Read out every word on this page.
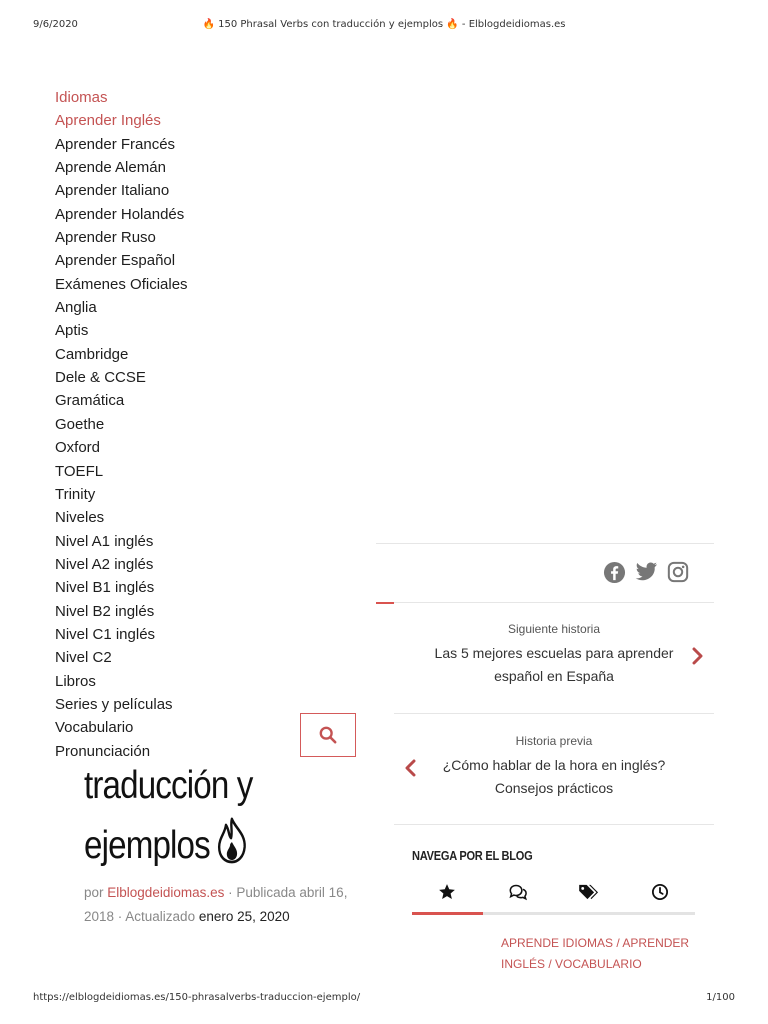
9/6/2020	🔥 150 Phrasal Verbs con traducción y ejemplos 🔥 - Elblogdeidiomas.es
Idiomas
Aprender Inglés
Aprender Francés
Aprende Alemán
Aprender Italiano
Aprender Holandés
Aprender Ruso
Aprender Español
Exámenes Oficiales
Anglia
Aptis
Cambridge
Dele & CCSE
Gramática
Goethe
Oxford
TOEFL
Trinity
Niveles
Nivel A1 inglés
Nivel A2 inglés
Nivel B1 inglés
Nivel B2 inglés
Nivel C1 inglés
Nivel C2
Libros
Series y películas
Vocabulario
Pronunciación
traducción y
ejemplos
por Elblogdeidiomas.es · Publicada abril 16, 2018 · Actualizado enero 25, 2020
Siguiente historia
Las 5 mejores escuelas para aprender español en España
Historia previa
¿Cómo hablar de la hora en inglés? Consejos prácticos
NAVEGA POR EL BLOG
APRENDE IDIOMAS / APRENDER INGLÉS / VOCABULARIO
https://elblogdeidiomas.es/150-phrasalverbs-traduccion-ejemplo/	1/100
